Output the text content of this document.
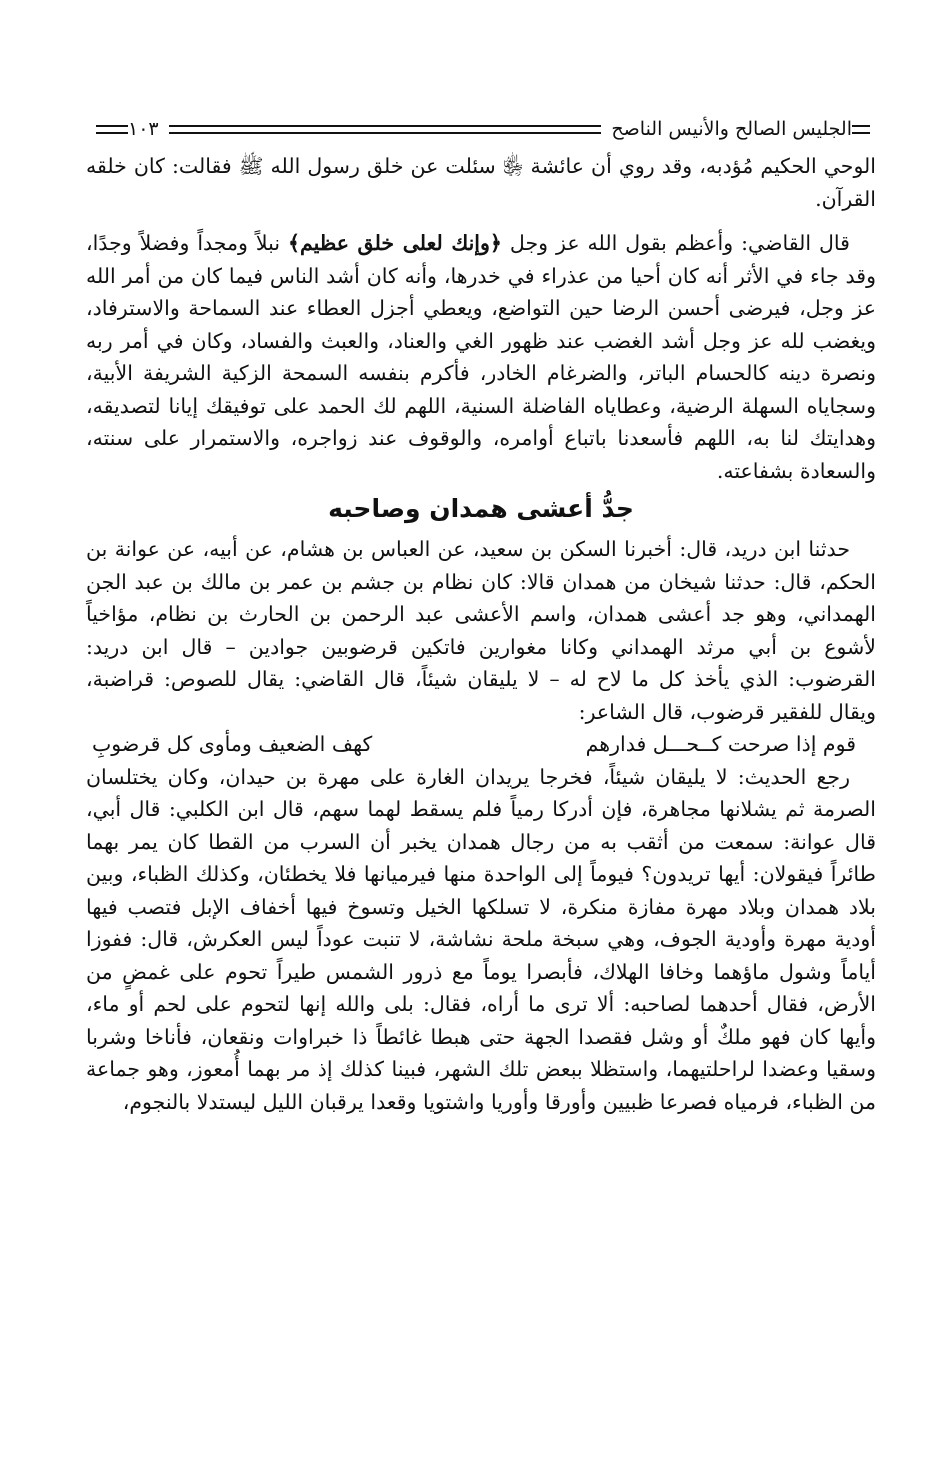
الجليس الصالح والأنيس الناصح
١٠٣

الوحي الحكيم مُؤدبه، وقد روي أن عائشة ﵂ سئلت عن خلق رسول الله ﷺ فقالت: كان خلقه القرآن.

قال القاضي: وأعظم بقول الله عز وجل ﴿وإنك لعلى خلق عظيم﴾ نبلاً ومجداً وفضلاً وجدًا، وقد جاء في الأثر أنه كان أحيا من عذراء في خدرها، وأنه كان أشد الناس فيما كان من أمر الله عز وجل، فيرضى أحسن الرضا حين التواضع، ويعطي أجزل العطاء عند السماحة والاسترفاد، ويغضب لله عز وجل أشد الغضب عند ظهور الغي والعناد، والعبث والفساد، وكان في أمر ربه ونصرة دينه كالحسام الباتر، والضرغام الخادر، فأكرم بنفسه السمحة الزكية الشريفة الأبية، وسجاياه السهلة الرضية، وعطاياه الفاضلة السنية، اللهم لك الحمد على توفيقك إيانا لتصديقه، وهدايتك لنا به، اللهم فأسعدنا باتباع أوامره، والوقوف عند زواجره، والاستمرار على سنته، والسعادة بشفاعته.

جدُّ أعشى همدان وصاحبه

حدثنا ابن دريد، قال: أخبرنا السكن بن سعيد، عن العباس بن هشام، عن أبيه، عن عوانة بن الحكم، قال: حدثنا شيخان من همدان قالا: كان نظام بن جشم بن عمر بن مالك بن عبد الجن الهمداني، وهو جد أعشى همدان، واسم الأعشى عبد الرحمن بن الحارث بن نظام، مؤاخياً لأشوع بن أبي مرثد الهمداني وكانا مغوارين فاتكين قرضوبين جوادين – قال ابن دريد: القرضوب: الذي يأخذ كل ما لاح له – لا يليقان شيئاً، قال القاضي: يقال للصوص: قراضبة، ويقال للفقير قرضوب، قال الشاعر:

قوم إذا صرحت كــحـــل فدارهم
كهف الضعيف ومأوى كل قرضوبِ

رجع الحديث: لا يليقان شيئاً، فخرجا يريدان الغارة على مهرة بن حيدان، وكان يختلسان الصرمة ثم يشلانها مجاهرة، فإن أدركا رمياً فلم يسقط لهما سهم، قال ابن الكلبي: قال أبي، قال عوانة: سمعت من أثقب به من رجال همدان يخبر أن السرب من القطا كان يمر بهما طائراً فيقولان: أيها تريدون؟ فيوماً إلى الواحدة منها فيرميانها فلا يخطئان، وكذلك الظباء، وبين بلاد همدان وبلاد مهرة مفازة منكرة، لا تسلكها الخيل وتسوخ فيها أخفاف الإبل فتصب فيها أودية مهرة وأودية الجوف، وهي سبخة ملحة نشاشة، لا تنبت عوداً ليس العكرش، قال: ففوزا أياماً وشول ماؤهما وخافا الهلاك، فأبصرا يوماً مع ذرور الشمس طيراً تحوم على غمضٍ من الأرض، فقال أحدهما لصاحبه: ألا ترى ما أراه، فقال: بلى والله إنها لتحوم على لحم أو ماء، وأيها كان فهو ملكٌ أو وشل فقصدا الجهة حتى هبطا غائطاً ذا خبراوات ونقعان، فأناخا وشربا وسقيا وعضدا لراحلتيهما، واستظلا ببعض تلك الشهر، فبينا كذلك إذ مر بهما أُمعوز، وهو جماعة من الظباء، فرمياه فصرعا ظبيين وأورقا وأوريا واشتويا وقعدا يرقبان الليل ليستدلا بالنجوم،
